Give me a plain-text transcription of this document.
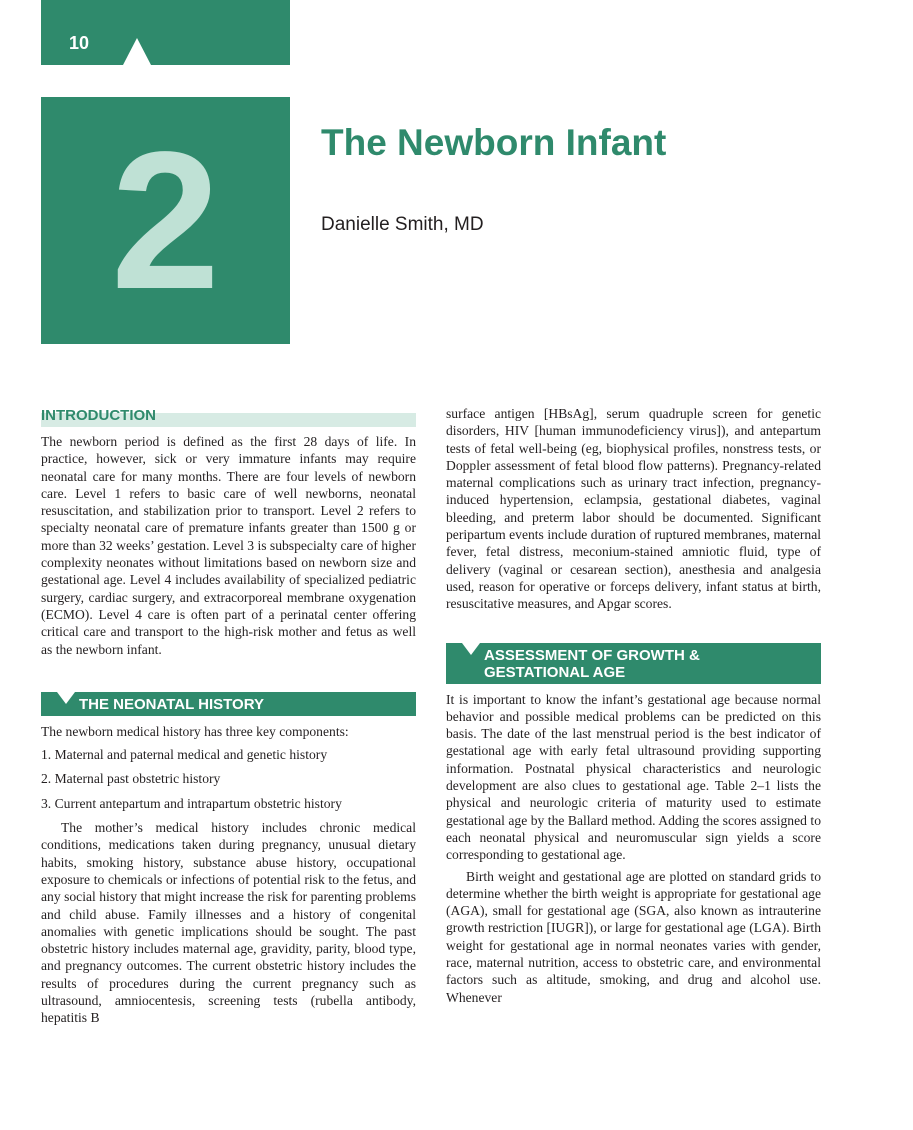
10
2	The Newborn Infant
Danielle Smith, MD
INTRODUCTION

The newborn period is defined as the first 28 days of life. In practice, however, sick or very immature infants may require neonatal care for many months. There are four levels of newborn care. Level 1 refers to basic care of well newborns, neonatal resuscitation, and stabilization prior to transport. Level 2 refers to specialty neonatal care of premature infants greater than 1500 g or more than 32 weeks’ gestation. Level 3 is subspecialty care of higher complexity neonates without limitations based on newborn size and gestational age. Level 4 includes availability of specialized pediatric surgery, cardiac surgery, and extracorporeal membrane oxygenation (ECMO). Level 4 care is often part of a perinatal center offering critical care and transport to the high-risk mother and fetus as well as the newborn infant.

THE NEONATAL HISTORY

The newborn medical history has three key components:

1. Maternal and paternal medical and genetic history
2. Maternal past obstetric history
3. Current antepartum and intrapartum obstetric history

The mother’s medical history includes chronic medical conditions, medications taken during pregnancy, unusual dietary habits, smoking history, substance abuse history, occupational exposure to chemicals or infections of potential risk to the fetus, and any social history that might increase the risk for parenting problems and child abuse. Family illnesses and a history of congenital anomalies with genetic implications should be sought. The past obstetric history includes maternal age, gravidity, parity, blood type, and pregnancy outcomes. The current obstetric history includes the results of procedures during the current pregnancy such as ultrasound, amniocentesis, screening tests (rubella antibody, hepatitis B

surface antigen [HBsAg], serum quadruple screen for genetic disorders, HIV [human immunodeficiency virus]), and antepartum tests of fetal well-being (eg, biophysical profiles, nonstress tests, or Doppler assessment of fetal blood flow patterns). Pregnancy-related maternal complications such as urinary tract infection, pregnancy-induced hypertension, eclampsia, gestational diabetes, vaginal bleeding, and preterm labor should be documented. Significant peripartum events include duration of ruptured membranes, maternal fever, fetal distress, meconium-stained amniotic fluid, type of delivery (vaginal or cesarean section), anesthesia and analgesia used, reason for operative or forceps delivery, infant status at birth, resuscitative measures, and Apgar scores.

ASSESSMENT OF GROWTH & GESTATIONAL AGE

It is important to know the infant’s gestational age because normal behavior and possible medical problems can be predicted on this basis. The date of the last menstrual period is the best indicator of gestational age with early fetal ultrasound providing supporting information. Postnatal physical characteristics and neurologic development are also clues to gestational age. Table 2–1 lists the physical and neurologic criteria of maturity used to estimate gestational age by the Ballard method. Adding the scores assigned to each neonatal physical and neuromuscular sign yields a score corresponding to gestational age.

Birth weight and gestational age are plotted on standard grids to determine whether the birth weight is appropriate for gestational age (AGA), small for gestational age (SGA, also known as intrauterine growth restriction [IUGR]), or large for gestational age (LGA). Birth weight for gestational age in normal neonates varies with gender, race, maternal nutrition, access to obstetric care, and environmental factors such as altitude, smoking, and drug and alcohol use. Whenever
